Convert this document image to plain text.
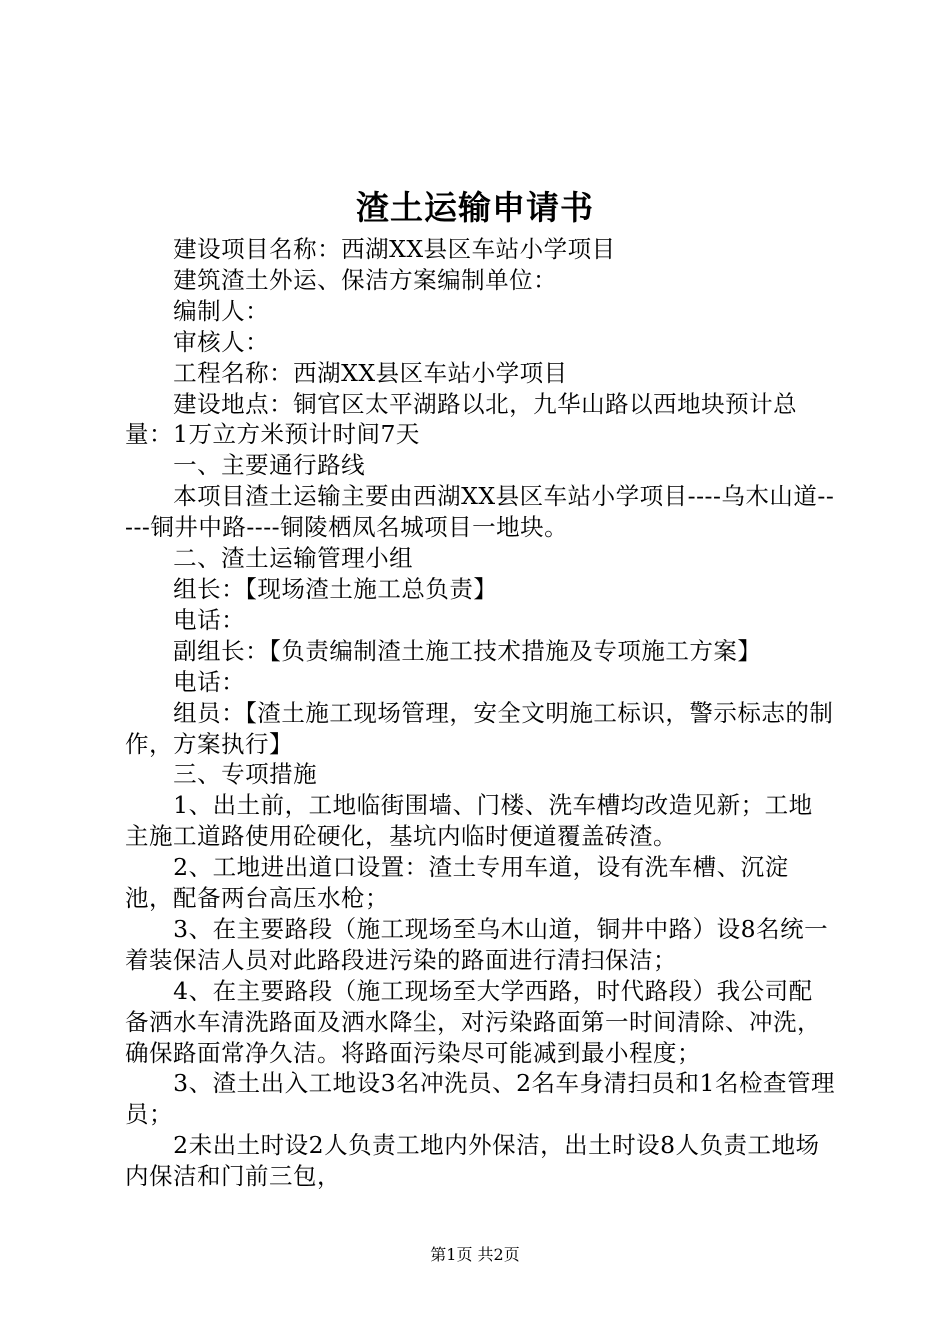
渣土运输申请书

建设项目名称：西湖XX县区车站小学项目

建筑渣土外运、保洁方案编制单位：

编制人：

审核人：

工程名称：西湖XX县区车站小学项目

建设地点：铜官区太平湖路以北，九华山路以西地块预计总量：1万立方米预计时间7天

一、主要通行路线

本项目渣土运输主要由西湖XX县区车站小学项目----乌木山道-----铜井中路----铜陵栖凤名城项目一地块。

二、渣土运输管理小组

组长：【现场渣土施工总负责】

电话：

副组长：【负责编制渣土施工技术措施及专项施工方案】

电话：

组员：【渣土施工现场管理，安全文明施工标识，警示标志的制作，方案执行】

三、专项措施

1、出土前，工地临街围墙、门楼、洗车槽均改造见新；工地主施工道路使用砼硬化，基坑内临时便道覆盖砖渣。

2、工地进出道口设置：渣土专用车道，设有洗车槽、沉淀池，配备两台高压水枪；

3、在主要路段（施工现场至乌木山道，铜井中路）设8名统一着装保洁人员对此路段进污染的路面进行清扫保洁；

4、在主要路段（施工现场至大学西路，时代路段）我公司配备洒水车清洗路面及洒水降尘，对污染路面第一时间清除、冲洗，确保路面常净久洁。将路面污染尽可能减到最小程度；

3、渣土出入工地设3名冲洗员、2名车身清扫员和1名检查管理员；

2未出土时设2人负责工地内外保洁，出土时设8人负责工地场内保洁和门前三包，

第1页 共2页
